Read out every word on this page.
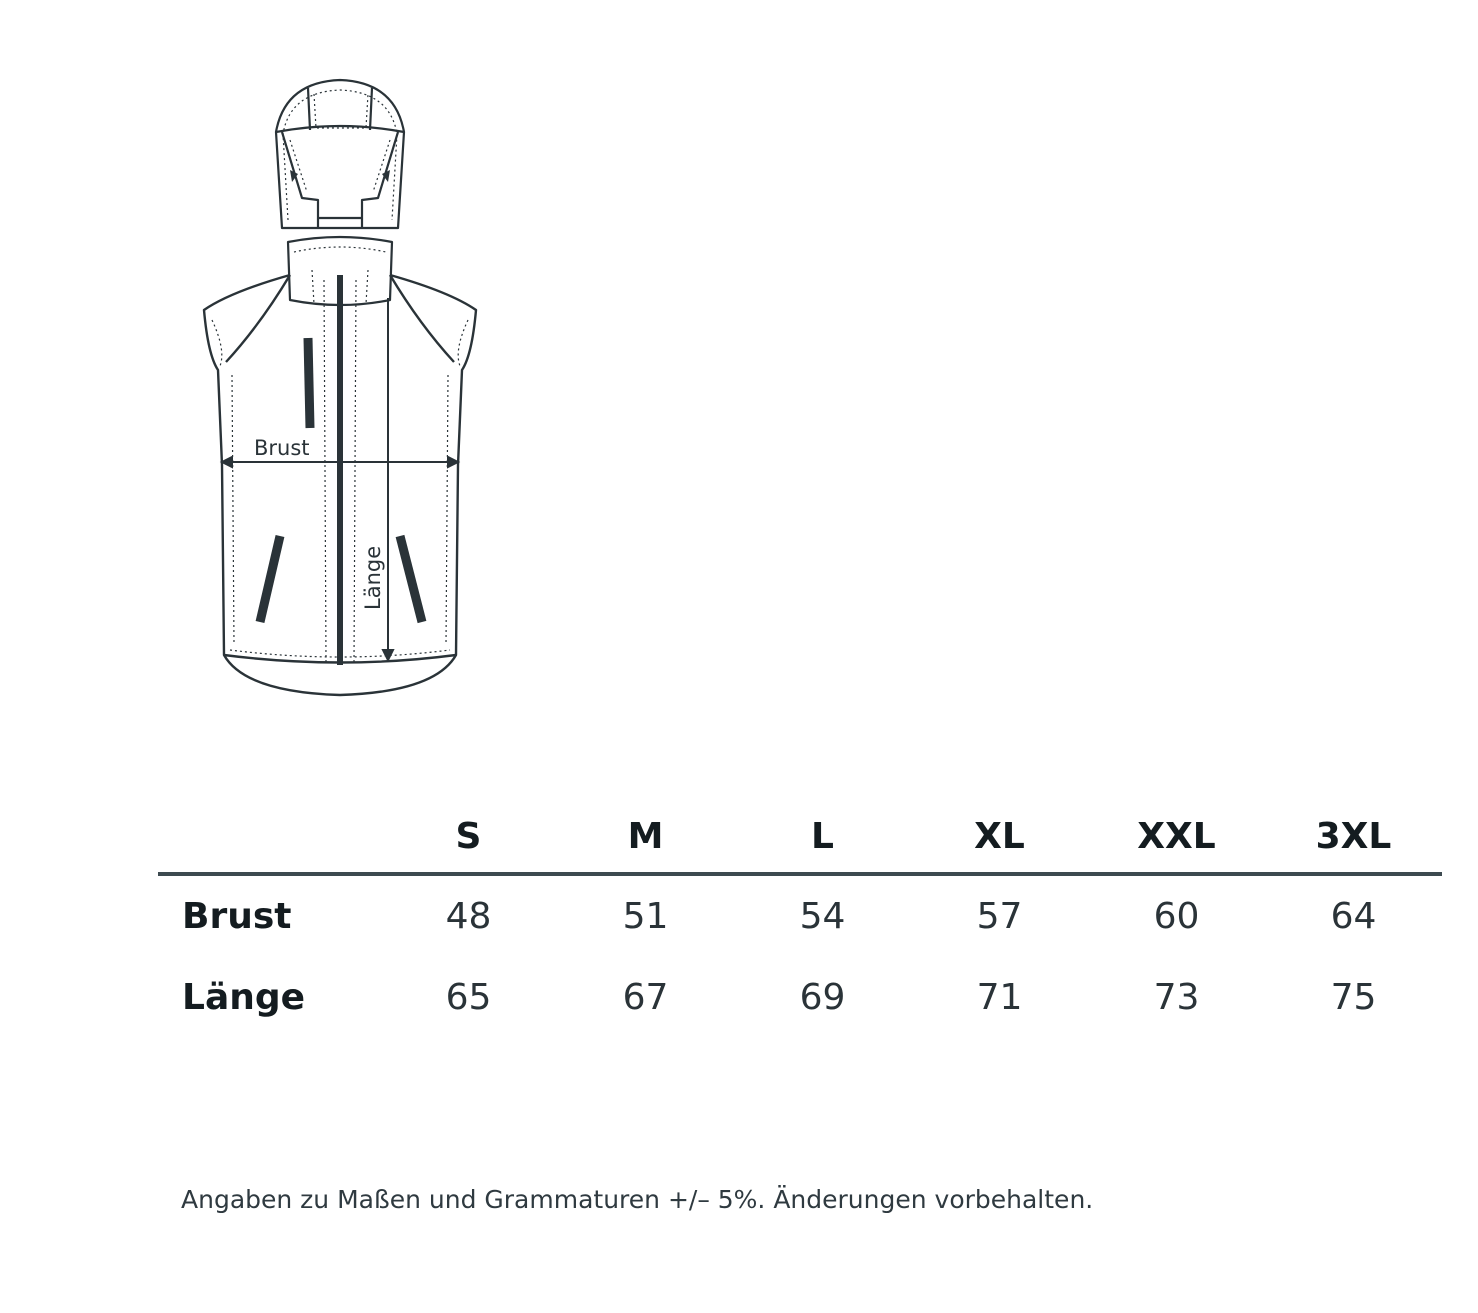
Brust
Länge
	S	M	L	XL	XXL	3XL
Brust	48	51	54	57	60	64
Länge	65	67	69	71	73	75
Angaben zu Maßen und Grammaturen +/– 5%. Änderungen vorbehalten.
